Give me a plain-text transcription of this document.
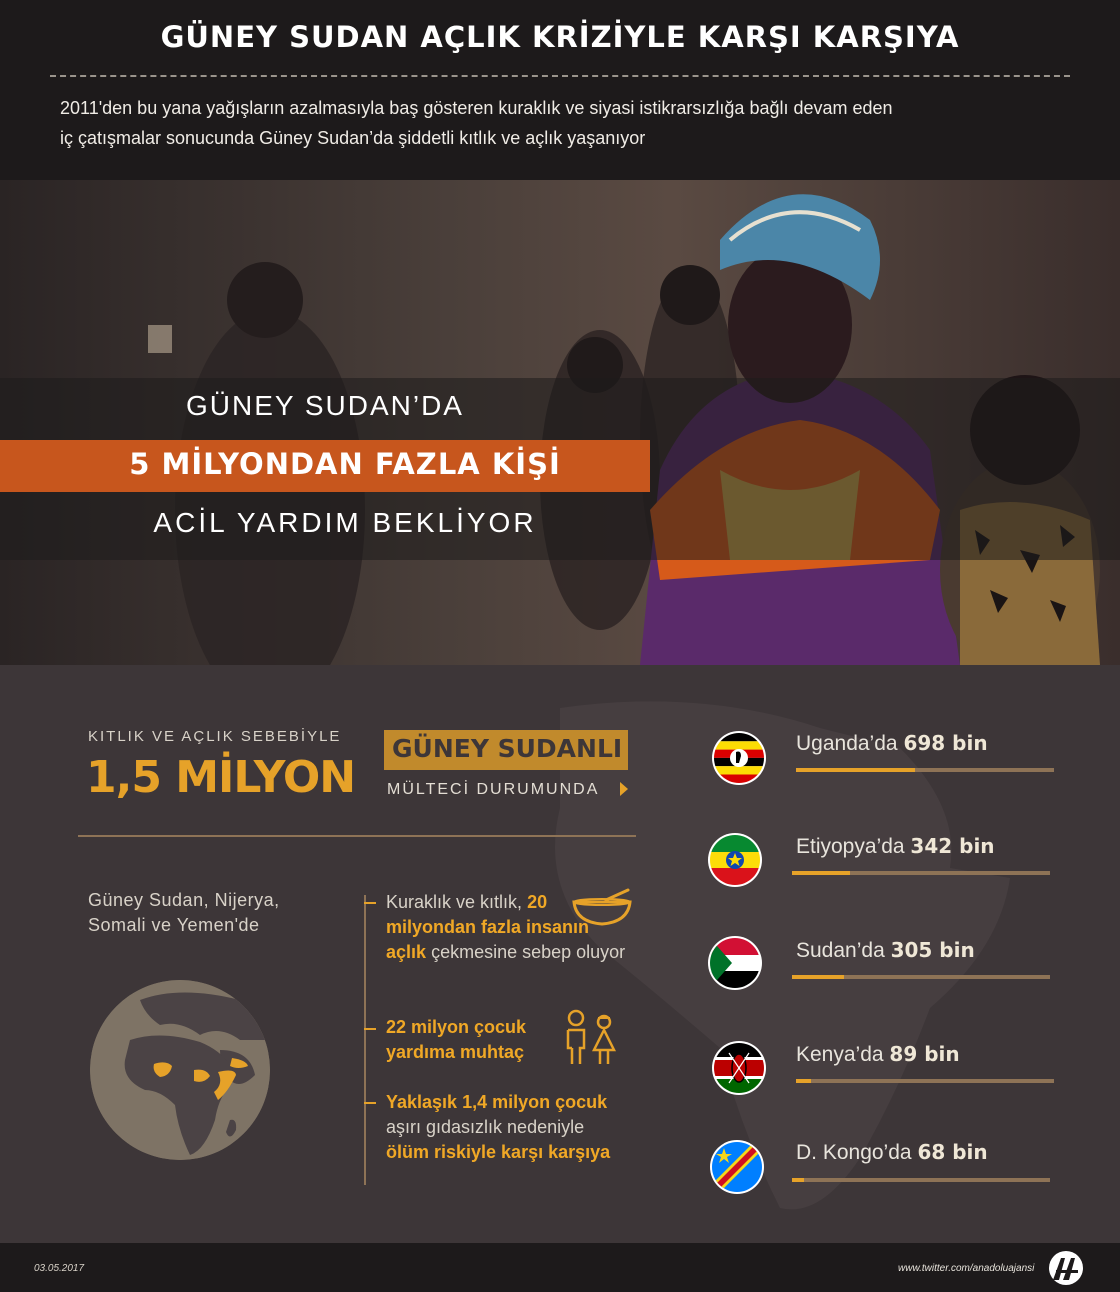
GÜNEY SUDAN AÇLIK KRİZİYLE KARŞI KARŞIYA
2011'den bu yana yağışların azalmasıyla baş gösteren kuraklık ve siyasi istikrarsızlığa bağlı devam eden
iç çatışmalar sonucunda Güney Sudan’da şiddetli kıtlık ve açlık yaşanıyor
GÜNEY SUDAN’DA
5 MİLYONDAN FAZLA KİŞİ
ACİL YARDIM BEKLİYOR
KITLIK VE AÇLIK SEBEBİYLE
1,5 MİLYON
GÜNEY SUDANLI
MÜLTECİ DURUMUNDA
Güney Sudan, Nijerya,
Somali ve Yemen'de
Kuraklık ve kıtlık, 20 milyondan fazla insanın açlık çekmesine sebep oluyor
22 milyon çocuk yardıma muhtaç
Yaklaşık 1,4 milyon çocuk aşırı gıdasızlık nedeniyle ölüm riskiyle karşı karşıya
Uganda’da 698 bin
Etiyopya’da 342 bin
Sudan’da 305 bin
Kenya’da 89 bin
D. Kongo’da 68 bin
03.05.2017	www.twitter.com/anadoluajansi
